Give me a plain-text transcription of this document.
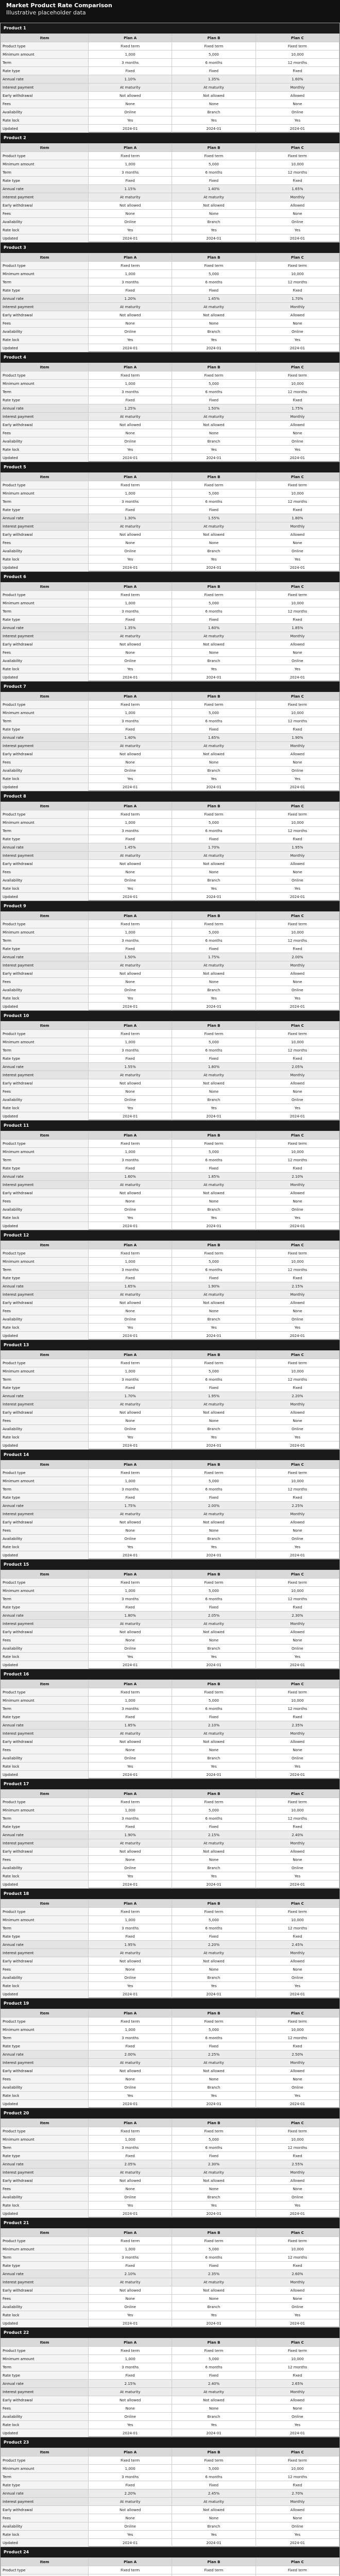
Market Product Rate Comparison
Illustrative placeholder data
Product 1
Item	Plan A	Plan B	Plan C
Product type	Fixed term	Fixed term	Fixed term
Minimum amount	1,000	5,000	10,000
Term	3 months	6 months	12 months
Rate type	Fixed	Fixed	Fixed
Annual rate	1.10%	1.35%	1.60%
Interest payment	At maturity	At maturity	Monthly
Early withdrawal	Not allowed	Not allowed	Allowed
Fees	None	None	None
Availability	Online	Branch	Online
Rate lock	Yes	Yes	Yes
Updated	2024-01	2024-01	2024-01
Product 2
Item	Plan A	Plan B	Plan C
Product type	Fixed term	Fixed term	Fixed term
Minimum amount	1,000	5,000	10,000
Term	3 months	6 months	12 months
Rate type	Fixed	Fixed	Fixed
Annual rate	1.15%	1.40%	1.65%
Interest payment	At maturity	At maturity	Monthly
Early withdrawal	Not allowed	Not allowed	Allowed
Fees	None	None	None
Availability	Online	Branch	Online
Rate lock	Yes	Yes	Yes
Updated	2024-01	2024-01	2024-01
Product 3
Item	Plan A	Plan B	Plan C
Product type	Fixed term	Fixed term	Fixed term
Minimum amount	1,000	5,000	10,000
Term	3 months	6 months	12 months
Rate type	Fixed	Fixed	Fixed
Annual rate	1.20%	1.45%	1.70%
Interest payment	At maturity	At maturity	Monthly
Early withdrawal	Not allowed	Not allowed	Allowed
Fees	None	None	None
Availability	Online	Branch	Online
Rate lock	Yes	Yes	Yes
Updated	2024-01	2024-01	2024-01
Product 4
Item	Plan A	Plan B	Plan C
Product type	Fixed term	Fixed term	Fixed term
Minimum amount	1,000	5,000	10,000
Term	3 months	6 months	12 months
Rate type	Fixed	Fixed	Fixed
Annual rate	1.25%	1.50%	1.75%
Interest payment	At maturity	At maturity	Monthly
Early withdrawal	Not allowed	Not allowed	Allowed
Fees	None	None	None
Availability	Online	Branch	Online
Rate lock	Yes	Yes	Yes
Updated	2024-01	2024-01	2024-01
Product 5
Item	Plan A	Plan B	Plan C
Product type	Fixed term	Fixed term	Fixed term
Minimum amount	1,000	5,000	10,000
Term	3 months	6 months	12 months
Rate type	Fixed	Fixed	Fixed
Annual rate	1.30%	1.55%	1.80%
Interest payment	At maturity	At maturity	Monthly
Early withdrawal	Not allowed	Not allowed	Allowed
Fees	None	None	None
Availability	Online	Branch	Online
Rate lock	Yes	Yes	Yes
Updated	2024-01	2024-01	2024-01
Product 6
Item	Plan A	Plan B	Plan C
Product type	Fixed term	Fixed term	Fixed term
Minimum amount	1,000	5,000	10,000
Term	3 months	6 months	12 months
Rate type	Fixed	Fixed	Fixed
Annual rate	1.35%	1.60%	1.85%
Interest payment	At maturity	At maturity	Monthly
Early withdrawal	Not allowed	Not allowed	Allowed
Fees	None	None	None
Availability	Online	Branch	Online
Rate lock	Yes	Yes	Yes
Updated	2024-01	2024-01	2024-01
Product 7
Item	Plan A	Plan B	Plan C
Product type	Fixed term	Fixed term	Fixed term
Minimum amount	1,000	5,000	10,000
Term	3 months	6 months	12 months
Rate type	Fixed	Fixed	Fixed
Annual rate	1.40%	1.65%	1.90%
Interest payment	At maturity	At maturity	Monthly
Early withdrawal	Not allowed	Not allowed	Allowed
Fees	None	None	None
Availability	Online	Branch	Online
Rate lock	Yes	Yes	Yes
Updated	2024-01	2024-01	2024-01
Product 8
Item	Plan A	Plan B	Plan C
Product type	Fixed term	Fixed term	Fixed term
Minimum amount	1,000	5,000	10,000
Term	3 months	6 months	12 months
Rate type	Fixed	Fixed	Fixed
Annual rate	1.45%	1.70%	1.95%
Interest payment	At maturity	At maturity	Monthly
Early withdrawal	Not allowed	Not allowed	Allowed
Fees	None	None	None
Availability	Online	Branch	Online
Rate lock	Yes	Yes	Yes
Updated	2024-01	2024-01	2024-01
Product 9
Item	Plan A	Plan B	Plan C
Product type	Fixed term	Fixed term	Fixed term
Minimum amount	1,000	5,000	10,000
Term	3 months	6 months	12 months
Rate type	Fixed	Fixed	Fixed
Annual rate	1.50%	1.75%	2.00%
Interest payment	At maturity	At maturity	Monthly
Early withdrawal	Not allowed	Not allowed	Allowed
Fees	None	None	None
Availability	Online	Branch	Online
Rate lock	Yes	Yes	Yes
Updated	2024-01	2024-01	2024-01
Product 10
Item	Plan A	Plan B	Plan C
Product type	Fixed term	Fixed term	Fixed term
Minimum amount	1,000	5,000	10,000
Term	3 months	6 months	12 months
Rate type	Fixed	Fixed	Fixed
Annual rate	1.55%	1.80%	2.05%
Interest payment	At maturity	At maturity	Monthly
Early withdrawal	Not allowed	Not allowed	Allowed
Fees	None	None	None
Availability	Online	Branch	Online
Rate lock	Yes	Yes	Yes
Updated	2024-01	2024-01	2024-01
Product 11
Item	Plan A	Plan B	Plan C
Product type	Fixed term	Fixed term	Fixed term
Minimum amount	1,000	5,000	10,000
Term	3 months	6 months	12 months
Rate type	Fixed	Fixed	Fixed
Annual rate	1.60%	1.85%	2.10%
Interest payment	At maturity	At maturity	Monthly
Early withdrawal	Not allowed	Not allowed	Allowed
Fees	None	None	None
Availability	Online	Branch	Online
Rate lock	Yes	Yes	Yes
Updated	2024-01	2024-01	2024-01
Product 12
Item	Plan A	Plan B	Plan C
Product type	Fixed term	Fixed term	Fixed term
Minimum amount	1,000	5,000	10,000
Term	3 months	6 months	12 months
Rate type	Fixed	Fixed	Fixed
Annual rate	1.65%	1.90%	2.15%
Interest payment	At maturity	At maturity	Monthly
Early withdrawal	Not allowed	Not allowed	Allowed
Fees	None	None	None
Availability	Online	Branch	Online
Rate lock	Yes	Yes	Yes
Updated	2024-01	2024-01	2024-01
Product 13
Item	Plan A	Plan B	Plan C
Product type	Fixed term	Fixed term	Fixed term
Minimum amount	1,000	5,000	10,000
Term	3 months	6 months	12 months
Rate type	Fixed	Fixed	Fixed
Annual rate	1.70%	1.95%	2.20%
Interest payment	At maturity	At maturity	Monthly
Early withdrawal	Not allowed	Not allowed	Allowed
Fees	None	None	None
Availability	Online	Branch	Online
Rate lock	Yes	Yes	Yes
Updated	2024-01	2024-01	2024-01
Product 14
Item	Plan A	Plan B	Plan C
Product type	Fixed term	Fixed term	Fixed term
Minimum amount	1,000	5,000	10,000
Term	3 months	6 months	12 months
Rate type	Fixed	Fixed	Fixed
Annual rate	1.75%	2.00%	2.25%
Interest payment	At maturity	At maturity	Monthly
Early withdrawal	Not allowed	Not allowed	Allowed
Fees	None	None	None
Availability	Online	Branch	Online
Rate lock	Yes	Yes	Yes
Updated	2024-01	2024-01	2024-01
Product 15
Item	Plan A	Plan B	Plan C
Product type	Fixed term	Fixed term	Fixed term
Minimum amount	1,000	5,000	10,000
Term	3 months	6 months	12 months
Rate type	Fixed	Fixed	Fixed
Annual rate	1.80%	2.05%	2.30%
Interest payment	At maturity	At maturity	Monthly
Early withdrawal	Not allowed	Not allowed	Allowed
Fees	None	None	None
Availability	Online	Branch	Online
Rate lock	Yes	Yes	Yes
Updated	2024-01	2024-01	2024-01
Product 16
Item	Plan A	Plan B	Plan C
Product type	Fixed term	Fixed term	Fixed term
Minimum amount	1,000	5,000	10,000
Term	3 months	6 months	12 months
Rate type	Fixed	Fixed	Fixed
Annual rate	1.85%	2.10%	2.35%
Interest payment	At maturity	At maturity	Monthly
Early withdrawal	Not allowed	Not allowed	Allowed
Fees	None	None	None
Availability	Online	Branch	Online
Rate lock	Yes	Yes	Yes
Updated	2024-01	2024-01	2024-01
Product 17
Item	Plan A	Plan B	Plan C
Product type	Fixed term	Fixed term	Fixed term
Minimum amount	1,000	5,000	10,000
Term	3 months	6 months	12 months
Rate type	Fixed	Fixed	Fixed
Annual rate	1.90%	2.15%	2.40%
Interest payment	At maturity	At maturity	Monthly
Early withdrawal	Not allowed	Not allowed	Allowed
Fees	None	None	None
Availability	Online	Branch	Online
Rate lock	Yes	Yes	Yes
Updated	2024-01	2024-01	2024-01
Product 18
Item	Plan A	Plan B	Plan C
Product type	Fixed term	Fixed term	Fixed term
Minimum amount	1,000	5,000	10,000
Term	3 months	6 months	12 months
Rate type	Fixed	Fixed	Fixed
Annual rate	1.95%	2.20%	2.45%
Interest payment	At maturity	At maturity	Monthly
Early withdrawal	Not allowed	Not allowed	Allowed
Fees	None	None	None
Availability	Online	Branch	Online
Rate lock	Yes	Yes	Yes
Updated	2024-01	2024-01	2024-01
Product 19
Item	Plan A	Plan B	Plan C
Product type	Fixed term	Fixed term	Fixed term
Minimum amount	1,000	5,000	10,000
Term	3 months	6 months	12 months
Rate type	Fixed	Fixed	Fixed
Annual rate	2.00%	2.25%	2.50%
Interest payment	At maturity	At maturity	Monthly
Early withdrawal	Not allowed	Not allowed	Allowed
Fees	None	None	None
Availability	Online	Branch	Online
Rate lock	Yes	Yes	Yes
Updated	2024-01	2024-01	2024-01
Product 20
Item	Plan A	Plan B	Plan C
Product type	Fixed term	Fixed term	Fixed term
Minimum amount	1,000	5,000	10,000
Term	3 months	6 months	12 months
Rate type	Fixed	Fixed	Fixed
Annual rate	2.05%	2.30%	2.55%
Interest payment	At maturity	At maturity	Monthly
Early withdrawal	Not allowed	Not allowed	Allowed
Fees	None	None	None
Availability	Online	Branch	Online
Rate lock	Yes	Yes	Yes
Updated	2024-01	2024-01	2024-01
Product 21
Item	Plan A	Plan B	Plan C
Product type	Fixed term	Fixed term	Fixed term
Minimum amount	1,000	5,000	10,000
Term	3 months	6 months	12 months
Rate type	Fixed	Fixed	Fixed
Annual rate	2.10%	2.35%	2.60%
Interest payment	At maturity	At maturity	Monthly
Early withdrawal	Not allowed	Not allowed	Allowed
Fees	None	None	None
Availability	Online	Branch	Online
Rate lock	Yes	Yes	Yes
Updated	2024-01	2024-01	2024-01
Product 22
Item	Plan A	Plan B	Plan C
Product type	Fixed term	Fixed term	Fixed term
Minimum amount	1,000	5,000	10,000
Term	3 months	6 months	12 months
Rate type	Fixed	Fixed	Fixed
Annual rate	2.15%	2.40%	2.65%
Interest payment	At maturity	At maturity	Monthly
Early withdrawal	Not allowed	Not allowed	Allowed
Fees	None	None	None
Availability	Online	Branch	Online
Rate lock	Yes	Yes	Yes
Updated	2024-01	2024-01	2024-01
Product 23
Item	Plan A	Plan B	Plan C
Product type	Fixed term	Fixed term	Fixed term
Minimum amount	1,000	5,000	10,000
Term	3 months	6 months	12 months
Rate type	Fixed	Fixed	Fixed
Annual rate	2.20%	2.45%	2.70%
Interest payment	At maturity	At maturity	Monthly
Early withdrawal	Not allowed	Not allowed	Allowed
Fees	None	None	None
Availability	Online	Branch	Online
Rate lock	Yes	Yes	Yes
Updated	2024-01	2024-01	2024-01
Product 24
Item	Plan A	Plan B	Plan C
Product type	Fixed term	Fixed term	Fixed term
